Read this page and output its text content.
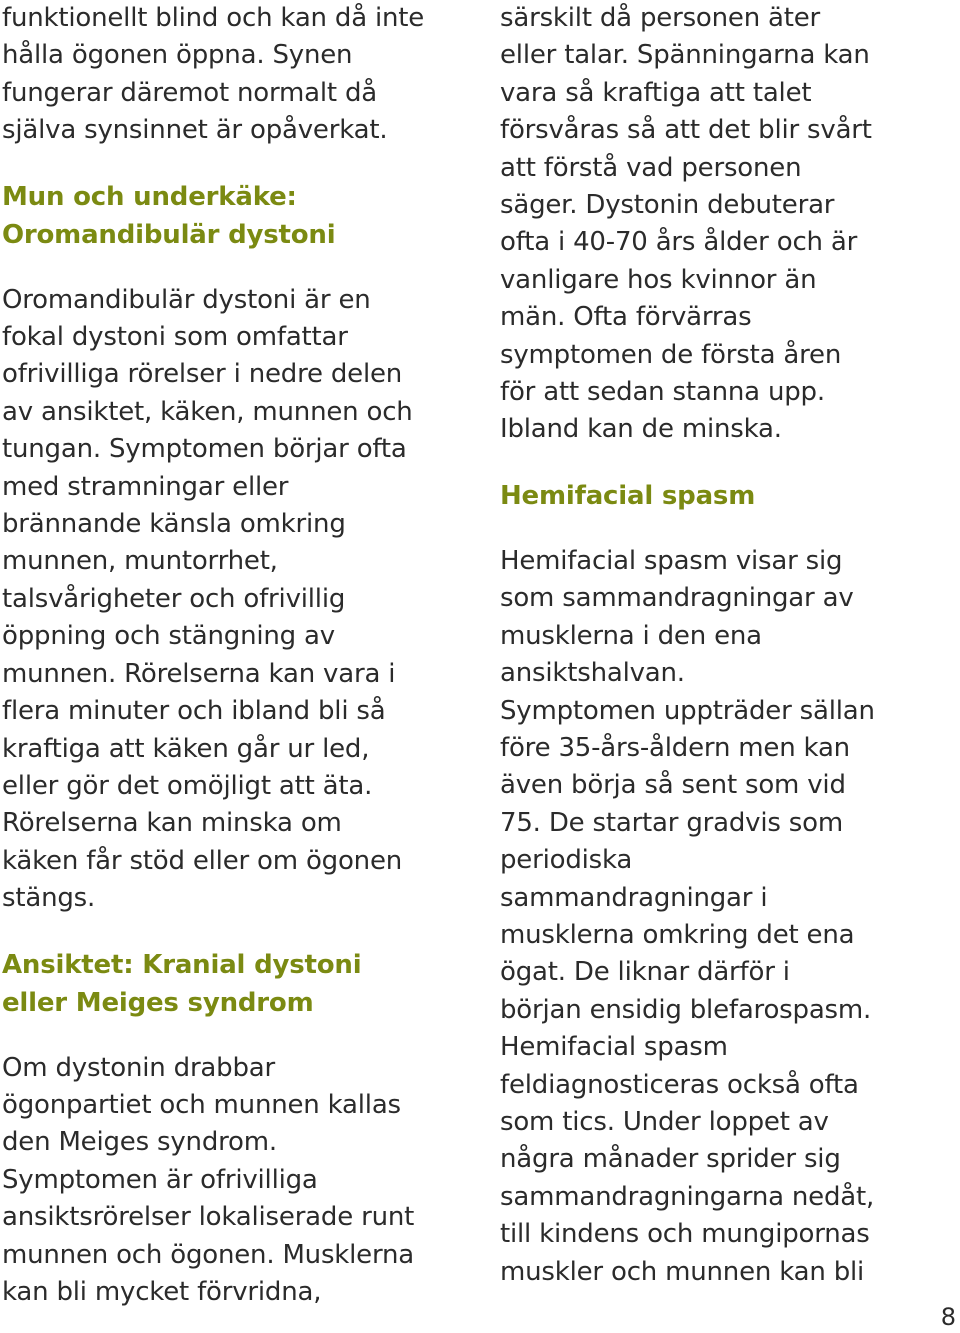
funktionellt blind och kan då inte
hålla ögonen öppna. Synen
fungerar däremot normalt då
själva synsinnet är opåverkat.
Mun och underkäke:
Oromandibulär dystoni
Oromandibulär dystoni är en
fokal dystoni som omfattar
ofrivilliga rörelser i nedre delen
av ansiktet, käken, munnen och
tungan. Symptomen börjar ofta
med stramningar eller
brännande känsla omkring
munnen, muntorrhet,
talsvårigheter och ofrivillig
öppning och stängning av
munnen. Rörelserna kan vara i
flera minuter och ibland bli så
kraftiga att käken går ur led,
eller gör det omöjligt att äta.
Rörelserna kan minska om
käken får stöd eller om ögonen
stängs.
Ansiktet: Kranial dystoni
eller Meiges syndrom
Om dystonin drabbar
ögonpartiet och munnen kallas
den Meiges syndrom.
Symptomen är ofrivilliga
ansiktsrörelser lokaliserade runt
munnen och ögonen. Musklerna
kan bli mycket förvridna,
särskilt då personen äter
eller talar. Spänningarna kan
vara så kraftiga att talet
försvåras så att det blir svårt
att förstå vad personen
säger. Dystonin debuterar
ofta i 40-70 års ålder och är
vanligare hos kvinnor än
män. Ofta förvärras
symptomen de första åren
för att sedan stanna upp.
Ibland kan de minska.
Hemifacial spasm
Hemifacial spasm visar sig
som sammandragningar av
musklerna i den ena
ansiktshalvan.
Symptomen uppträder sällan
före 35-års-åldern men kan
även börja så sent som vid
75. De startar gradvis som
periodiska
sammandragningar i
musklerna omkring det ena
ögat. De liknar därför i
början ensidig blefarospasm.
Hemifacial spasm
feldiagnosticeras också ofta
som tics. Under loppet av
några månader sprider sig
sammandragningarna nedåt,
till kindens och mungipornas
muskler och munnen kan bli
8
